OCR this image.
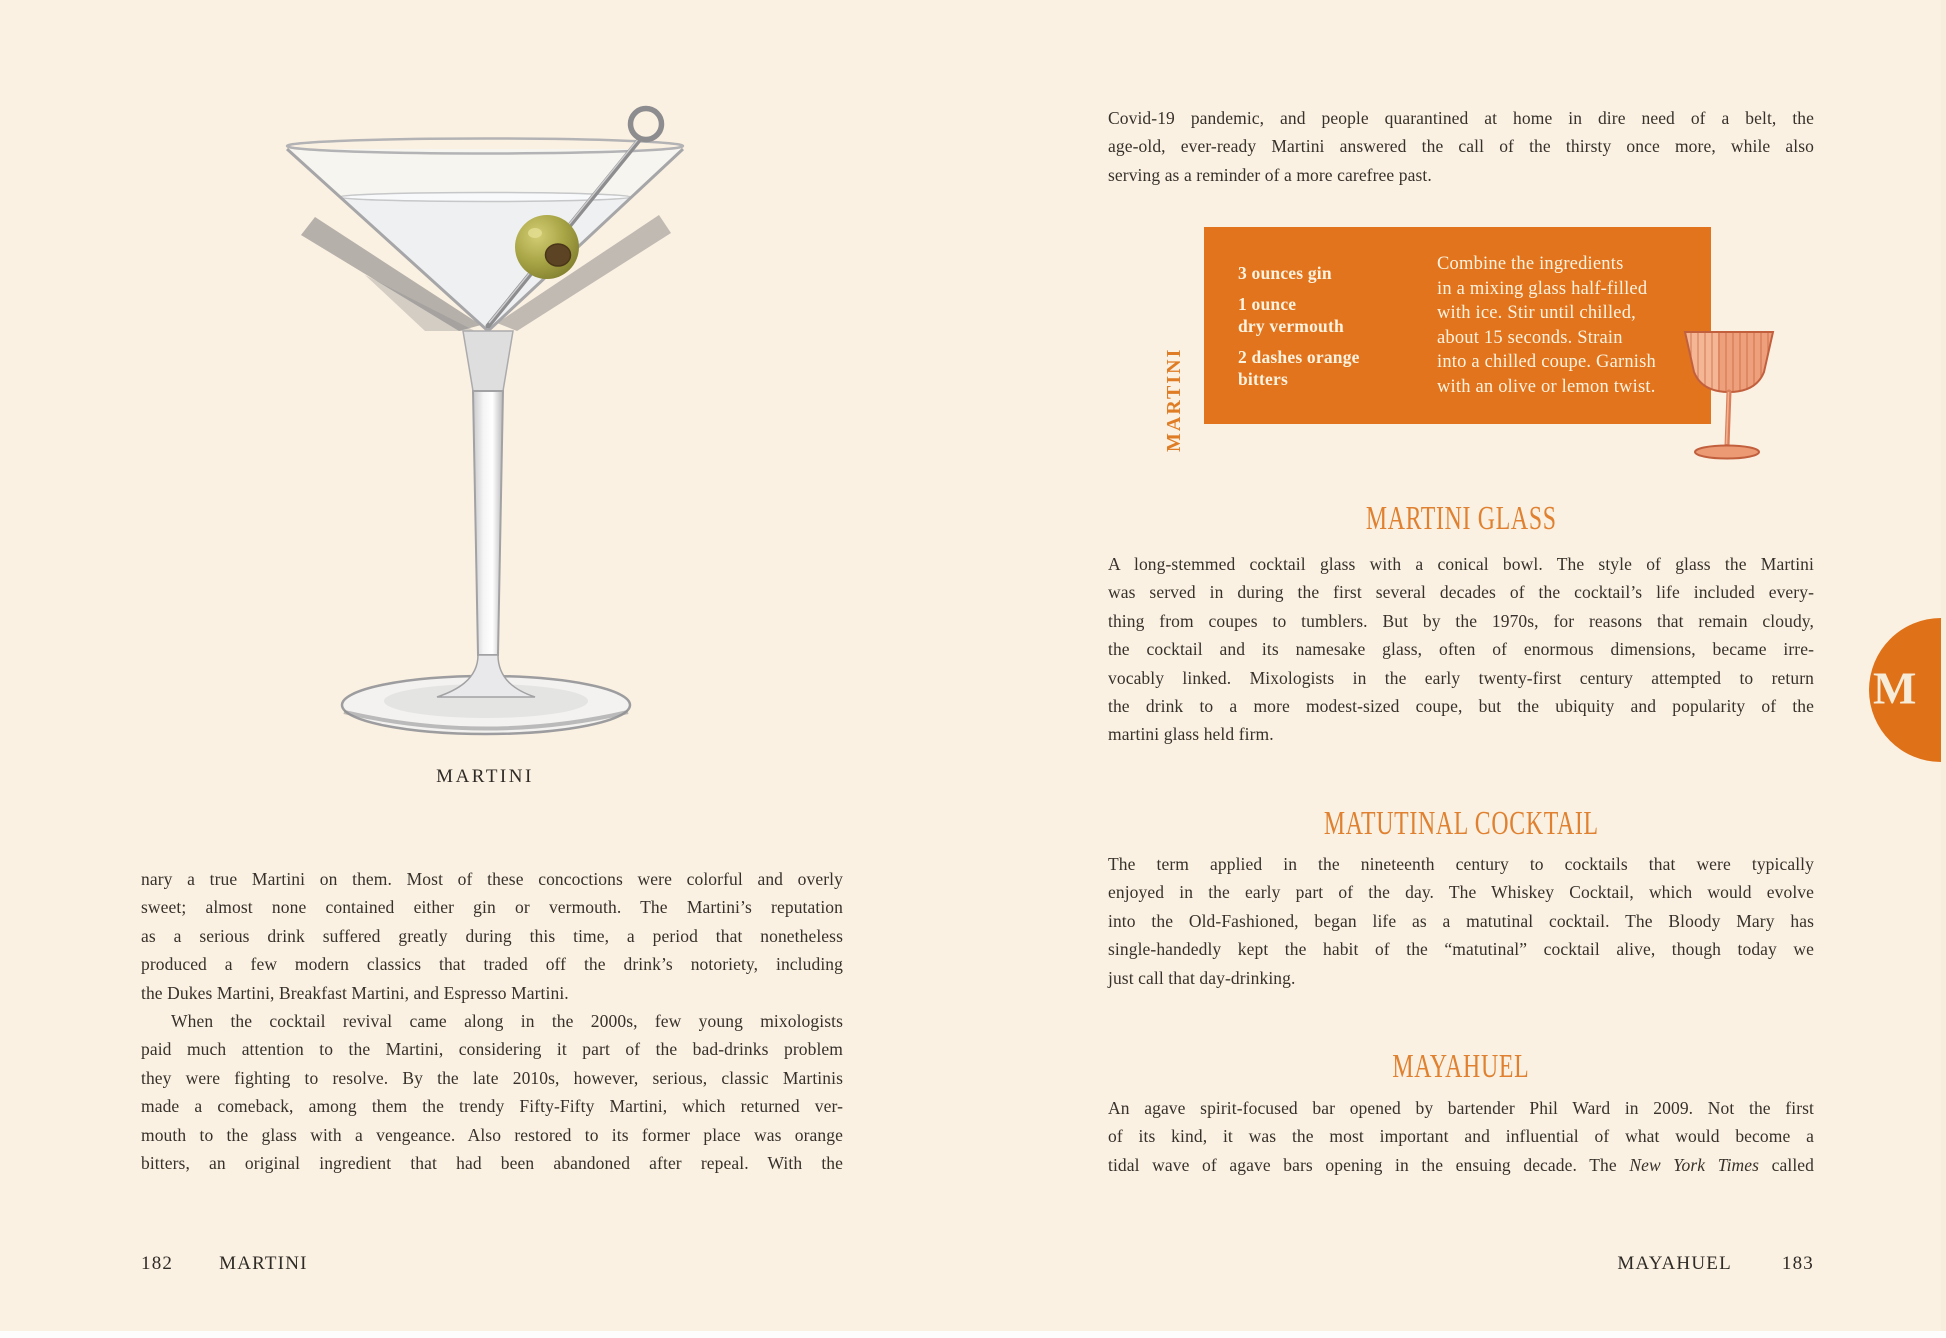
MARTINI
nary a true Martini on them. Most of these concoctions were colorful and overly
sweet; almost none contained either gin or vermouth. The Martini’s reputation
as a serious drink suffered greatly during this time, a period that nonetheless
produced a few modern classics that traded off the drink’s notoriety, including
the Dukes Martini, Breakfast Martini, and Espresso Martini.
When the cocktail revival came along in the 2000s, few young mixologists
paid much attention to the Martini, considering it part of the bad-drinks problem
they were fighting to resolve. By the late 2010s, however, serious, classic Martinis
made a comeback, among them the trendy Fifty-Fifty Martini, which returned ver-
mouth to the glass with a vengeance. Also restored to its former place was orange
bitters, an original ingredient that had been abandoned after repeal. With the
182 MARTINI
Covid-19 pandemic, and people quarantined at home in dire need of a belt, the
age-old, ever-ready Martini answered the call of the thirsty once more, while also
serving as a reminder of a more carefree past.
MARTINI
3 ounces gin
1 ounce
dry vermouth
2 dashes orange
bitters
Combine the ingredients
in a mixing glass half-filled
with ice. Stir until chilled,
about 15 seconds. Strain
into a chilled coupe. Garnish
with an olive or lemon twist.
MARTINI GLASS
A long-stemmed cocktail glass with a conical bowl. The style of glass the Martini
was served in during the first several decades of the cocktail’s life included every-
thing from coupes to tumblers. But by the 1970s, for reasons that remain cloudy,
the cocktail and its namesake glass, often of enormous dimensions, became irre-
vocably linked. Mixologists in the early twenty-first century attempted to return
the drink to a more modest-sized coupe, but the ubiquity and popularity of the
martini glass held firm.
MATUTINAL COCKTAIL
The term applied in the nineteenth century to cocktails that were typically
enjoyed in the early part of the day. The Whiskey Cocktail, which would evolve
into the Old-Fashioned, began life as a matutinal cocktail. The Bloody Mary has
single-handedly kept the habit of the “matutinal” cocktail alive, though today we
just call that day-drinking.
MAYAHUEL
An agave spirit-focused bar opened by bartender Phil Ward in 2009. Not the first
of its kind, it was the most important and influential of what would become a
tidal wave of agave bars opening in the ensuing decade. The New York Times called
MAYAHUEL	183
M
